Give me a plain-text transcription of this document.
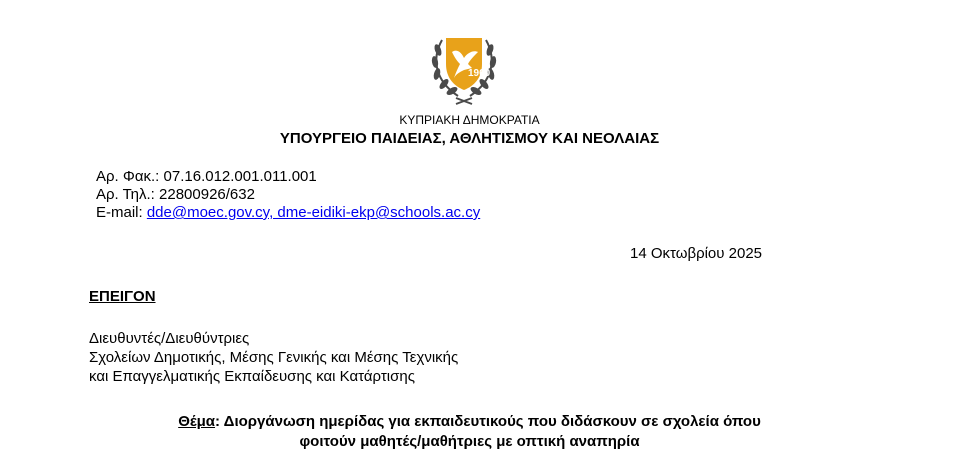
1960
ΚΥΠΡΙΑΚΗ ΔΗΜΟΚΡΑΤΙΑ
ΥΠΟΥΡΓΕΙΟ ΠΑΙΔΕΙΑΣ, ΑΘΛΗΤΙΣΜΟΥ ΚΑΙ ΝΕΟΛΑΙΑΣ
Αρ. Φακ.: 07.16.012.001.011.001
Αρ. Τηλ.: 22800926/632
E-mail: dde@moec.gov.cy, dme-eidiki-ekp@schools.ac.cy
14 Οκτωβρίου 2025
ΕΠΕΙΓΟΝ
Διευθυντές/Διευθύντριες
Σχολείων Δημοτικής, Μέσης Γενικής και Μέσης Τεχνικής
και Επαγγελματικής Εκπαίδευσης και Κατάρτισης
Θέμα: Διοργάνωση ημερίδας για εκπαιδευτικούς που διδάσκουν σε σχολεία όπου
φοιτούν μαθητές/μαθήτριες με οπτική αναπηρία
